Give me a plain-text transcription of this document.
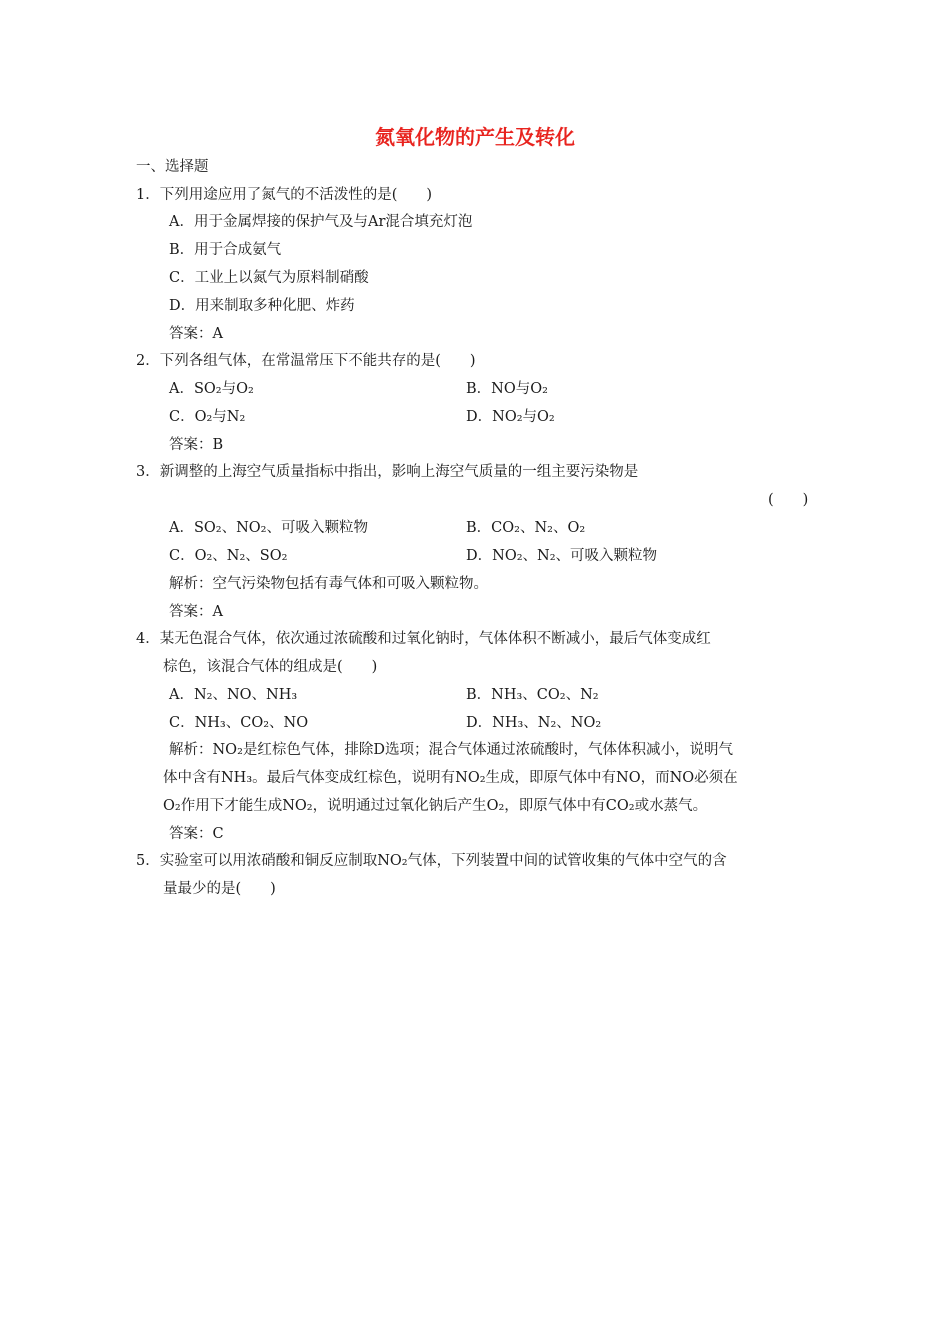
氮氧化物的产生及转化
一、选择题
1．下列用途应用了氮气的不活泼性的是(　　)
A．用于金属焊接的保护气及与Ar混合填充灯泡
B．用于合成氨气
C．工业上以氮气为原料制硝酸
D．用来制取多种化肥、炸药
答案：A
2．下列各组气体，在常温常压下不能共存的是(　　)
A．SO₂与O₂	B．NO与O₂
C．O₂与N₂	D．NO₂与O₂
答案：B
3．新调整的上海空气质量指标中指出，影响上海空气质量的一组主要污染物是
(　　)
A．SO₂、NO₂、可吸入颗粒物	B．CO₂、N₂、O₂
C．O₂、N₂、SO₂	D．NO₂、N₂、可吸入颗粒物
解析：空气污染物包括有毒气体和可吸入颗粒物。
答案：A
4．某无色混合气体，依次通过浓硫酸和过氧化钠时，气体体积不断减小，最后气体变成红
棕色，该混合气体的组成是(　　)
A．N₂、NO、NH₃	B．NH₃、CO₂、N₂
C．NH₃、CO₂、NO	D．NH₃、N₂、NO₂
解析：NO₂是红棕色气体，排除D选项；混合气体通过浓硫酸时，气体体积减小，说明气
体中含有NH₃。最后气体变成红棕色，说明有NO₂生成，即原气体中有NO，而NO必须在
O₂作用下才能生成NO₂，说明通过过氧化钠后产生O₂，即原气体中有CO₂或水蒸气。
答案：C
5．实验室可以用浓硝酸和铜反应制取NO₂气体，下列装置中间的试管收集的气体中空气的含
量最少的是(　　)
